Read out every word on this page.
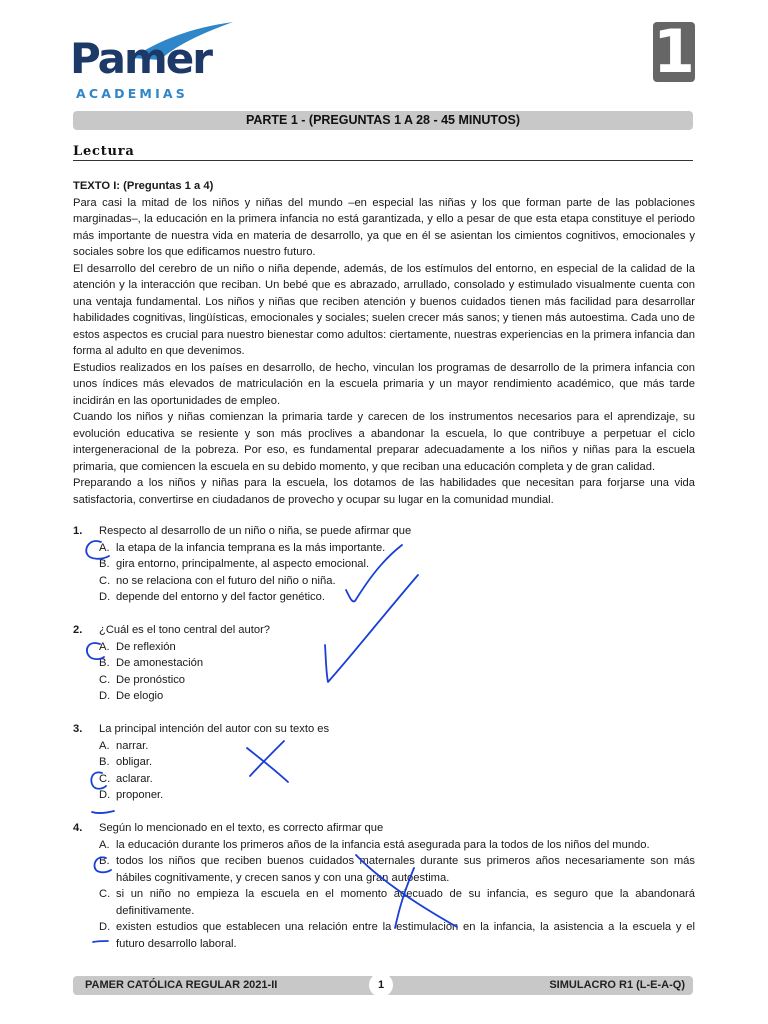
Pamer
ACADEMIAS
1
PARTE 1 - (PREGUNTAS 1 A 28 - 45 MINUTOS)
Lectura
TEXTO I: (Preguntas 1 a 4)

Para casi la mitad de los niños y niñas del mundo –en especial las niñas y los que forman parte de las poblaciones marginadas–, la educación en la primera infancia no está garantizada, y ello a pesar de que esta etapa constituye el periodo más importante de nuestra vida en materia de desarrollo, ya que en él se asientan los cimientos cognitivos, emocionales y sociales sobre los que edificamos nuestro futuro.

El desarrollo del cerebro de un niño o niña depende, además, de los estímulos del entorno, en especial de la calidad de la atención y la interacción que reciban. Un bebé que es abrazado, arrullado, consolado y estimulado visualmente cuenta con una ventaja fundamental. Los niños y niñas que reciben atención y buenos cuidados tienen más facilidad para desarrollar habilidades cognitivas, lingüísticas, emocionales y sociales; suelen crecer más sanos; y tienen más autoestima. Cada uno de estos aspectos es crucial para nuestro bienestar como adultos: ciertamente, nuestras experiencias en la primera infancia dan forma al adulto en que devenimos.

Estudios realizados en los países en desarrollo, de hecho, vinculan los programas de desarrollo de la primera infancia con unos índices más elevados de matriculación en la escuela primaria y un mayor rendimiento académico, que más tarde incidirán en las oportunidades de empleo.

Cuando los niños y niñas comienzan la primaria tarde y carecen de los instrumentos necesarios para el aprendizaje, su evolución educativa se resiente y son más proclives a abandonar la escuela, lo que contribuye a perpetuar el ciclo intergeneracional de la pobreza. Por eso, es fundamental preparar adecuadamente a los niños y niñas para la escuela primaria, que comiencen la escuela en su debido momento, y que reciban una educación completa y de gran calidad.

Preparando a los niños y niñas para la escuela, los dotamos de las habilidades que necesitan para forjarse una vida satisfactoria, convertirse en ciudadanos de provecho y ocupar su lugar en la comunidad mundial.

1.	Respecto al desarrollo de un niño o niña, se puede afirmar que
A. la etapa de la infancia temprana es la más importante.
B. gira entorno, principalmente, al aspecto emocional.
C. no se relaciona con el futuro del niño o niña.
D. depende del entorno y del factor genético.
2.	¿Cuál es el tono central del autor?
A. De reflexión
B. De amonestación
C. De pronóstico
D. De elogio
3.	La principal intención del autor con su texto es
A. narrar.
B. obligar.
C. aclarar.
D. proponer.
4.	Según lo mencionado en el texto, es correcto afirmar que
A. la educación durante los primeros años de la infancia está asegurada para la todos de los niños del mundo.
B. todos los niños que reciben buenos cuidados maternales durante sus primeros años necesariamente son más hábiles cognitivamente, y crecen sanos y con una gran autoestima.
C. si un niño no empieza la escuela en el momento adecuado de su infancia, es seguro que la abandonará definitivamente.
D. existen estudios que establecen una relación entre la estimulación en la infancia, la asistencia a la escuela y el futuro desarrollo laboral.
PAMER CATÓLICA REGULAR 2021-II	1	SIMULACRO R1 (L-E-A-Q)
